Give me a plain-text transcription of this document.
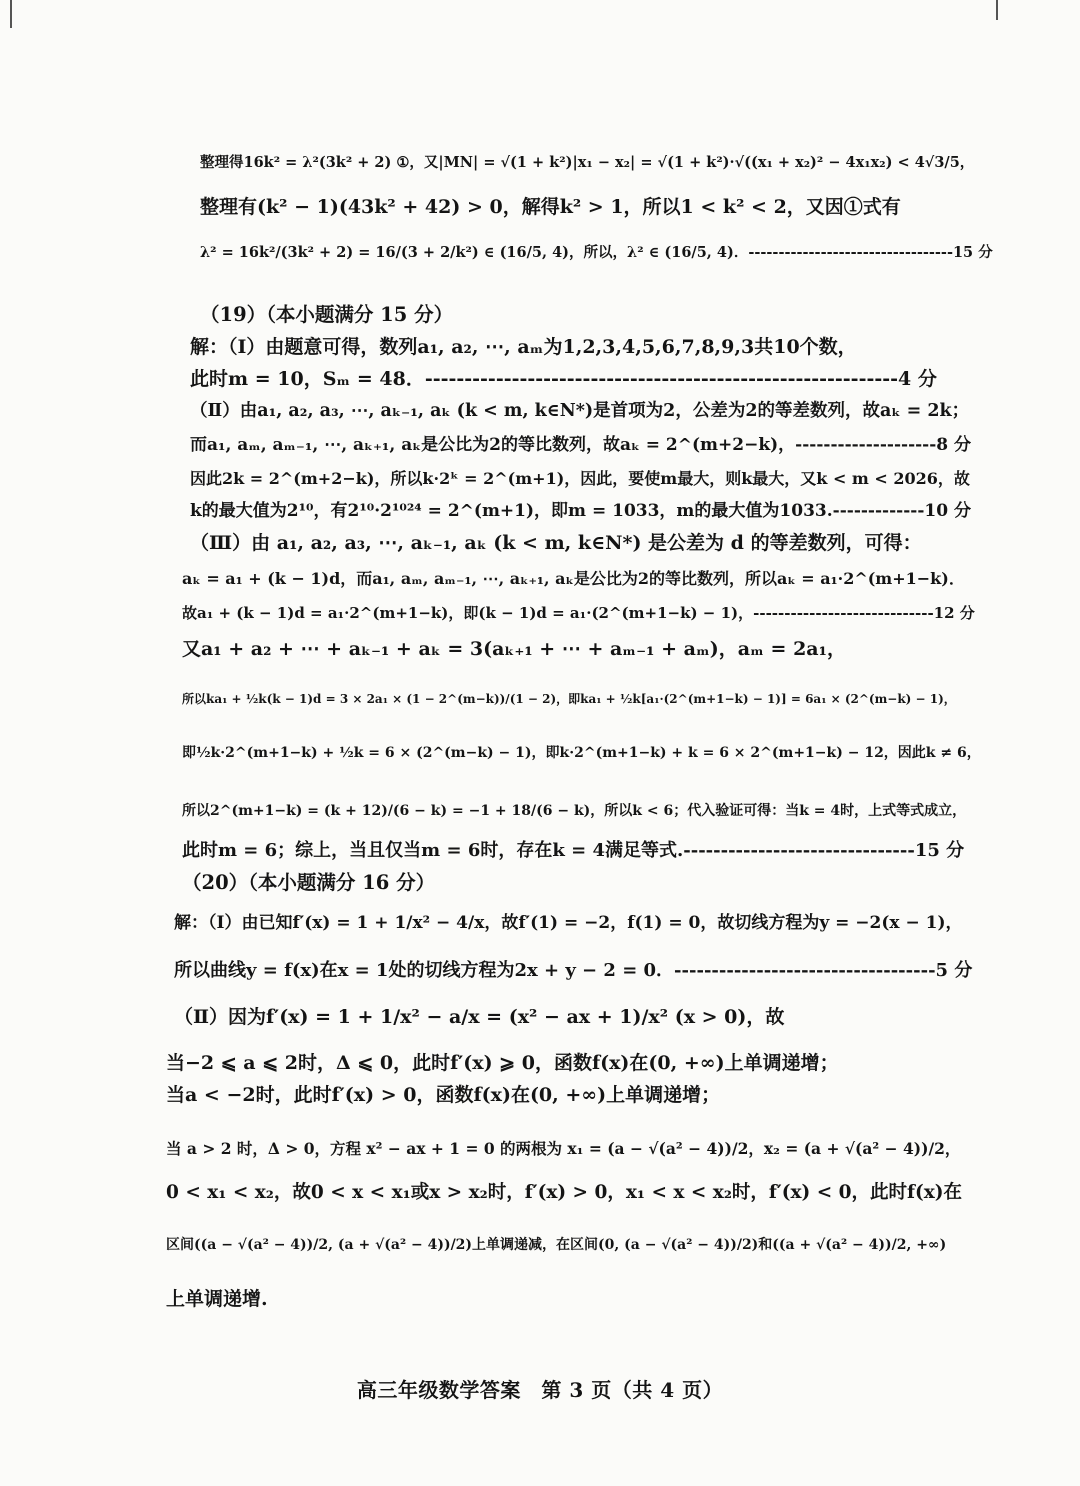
整理得16k² = λ²(3k² + 2) ①，又|MN| = √(1 + k²)|x₁ − x₂| = √(1 + k²)·√((x₁ + x₂)² − 4x₁x₂) < 4√3/5，
整理有(k² − 1)(43k² + 42) > 0，解得k² > 1，所以1 < k² < 2，又因①式有
λ² = 16k²/(3k² + 2) = 16/(3 + 2/k²) ∈ (16/5, 4)，所以，λ² ∈ (16/5, 4)．----------------------------------15 分
（19）（本小题满分 15 分）
解：（Ⅰ）由题意可得，数列a₁, a₂, ⋯, aₘ为1,2,3,4,5,6,7,8,9,3共10个数，
此时m = 10，Sₘ = 48．------------------------------------------------------------4 分
（Ⅱ）由a₁, a₂, a₃, ⋯, aₖ₋₁, aₖ (k < m, k∈N*)是首项为2，公差为2的等差数列，故aₖ = 2k；
而a₁, aₘ, aₘ₋₁, ⋯, aₖ₊₁, aₖ是公比为2的等比数列，故aₖ = 2^(m+2−k)，--------------------8 分
因此2k = 2^(m+2−k)，所以k·2ᵏ = 2^(m+1)，因此，要使m最大，则k最大，又k < m < 2026，故
k的最大值为2¹⁰，有2¹⁰·2¹⁰²⁴ = 2^(m+1)，即m = 1033，m的最大值为1033.-------------10 分
（Ⅲ）由 a₁, a₂, a₃, ⋯, aₖ₋₁, aₖ (k < m, k∈N*) 是公差为 d 的等差数列，可得：
aₖ = a₁ + (k − 1)d，而a₁, aₘ, aₘ₋₁, ⋯, aₖ₊₁, aₖ是公比为2的等比数列，所以aₖ = a₁·2^(m+1−k)．
故a₁ + (k − 1)d = a₁·2^(m+1−k)，即(k − 1)d = a₁·(2^(m+1−k) − 1)，-----------------------------12 分
又a₁ + a₂ + ⋯ + aₖ₋₁ + aₖ = 3(aₖ₊₁ + ⋯ + aₘ₋₁ + aₘ)，aₘ = 2a₁，
所以ka₁ + ½k(k − 1)d = 3 × 2a₁ × (1 − 2^(m−k))/(1 − 2)，即ka₁ + ½k[a₁·(2^(m+1−k) − 1)] = 6a₁ × (2^(m−k) − 1)，
即½k·2^(m+1−k) + ½k = 6 × (2^(m−k) − 1)，即k·2^(m+1−k) + k = 6 × 2^(m+1−k) − 12，因此k ≠ 6，
所以2^(m+1−k) = (k + 12)/(6 − k) = −1 + 18/(6 − k)，所以k < 6；代入验证可得：当k = 4时，上式等式成立，
此时m = 6；综上，当且仅当m = 6时，存在k = 4满足等式.-------------------------------15 分
（20）（本小题满分 16 分）
解：（Ⅰ）由已知f′(x) = 1 + 1/x² − 4/x，故f′(1) = −2，f(1) = 0，故切线方程为y = −2(x − 1)，
所以曲线y = f(x)在x = 1处的切线方程为2x + y − 2 = 0．-----------------------------------5 分
（Ⅱ）因为f′(x) = 1 + 1/x² − a/x = (x² − ax + 1)/x² (x > 0)，故
当−2 ⩽ a ⩽ 2时，Δ ⩽ 0，此时f′(x) ⩾ 0，函数f(x)在(0, +∞)上单调递增；
当a < −2时，此时f′(x) > 0，函数f(x)在(0, +∞)上单调递增；
当 a > 2 时，Δ > 0，方程 x² − ax + 1 = 0 的两根为 x₁ = (a − √(a² − 4))/2，x₂ = (a + √(a² − 4))/2，
0 < x₁ < x₂，故0 < x < x₁或x > x₂时，f′(x) > 0，x₁ < x < x₂时，f′(x) < 0，此时f(x)在
区间((a − √(a² − 4))/2, (a + √(a² − 4))/2)上单调递减，在区间(0, (a − √(a² − 4))/2)和((a + √(a² − 4))/2, +∞)
上单调递增.
高三年级数学答案　第 3 页（共 4 页）
